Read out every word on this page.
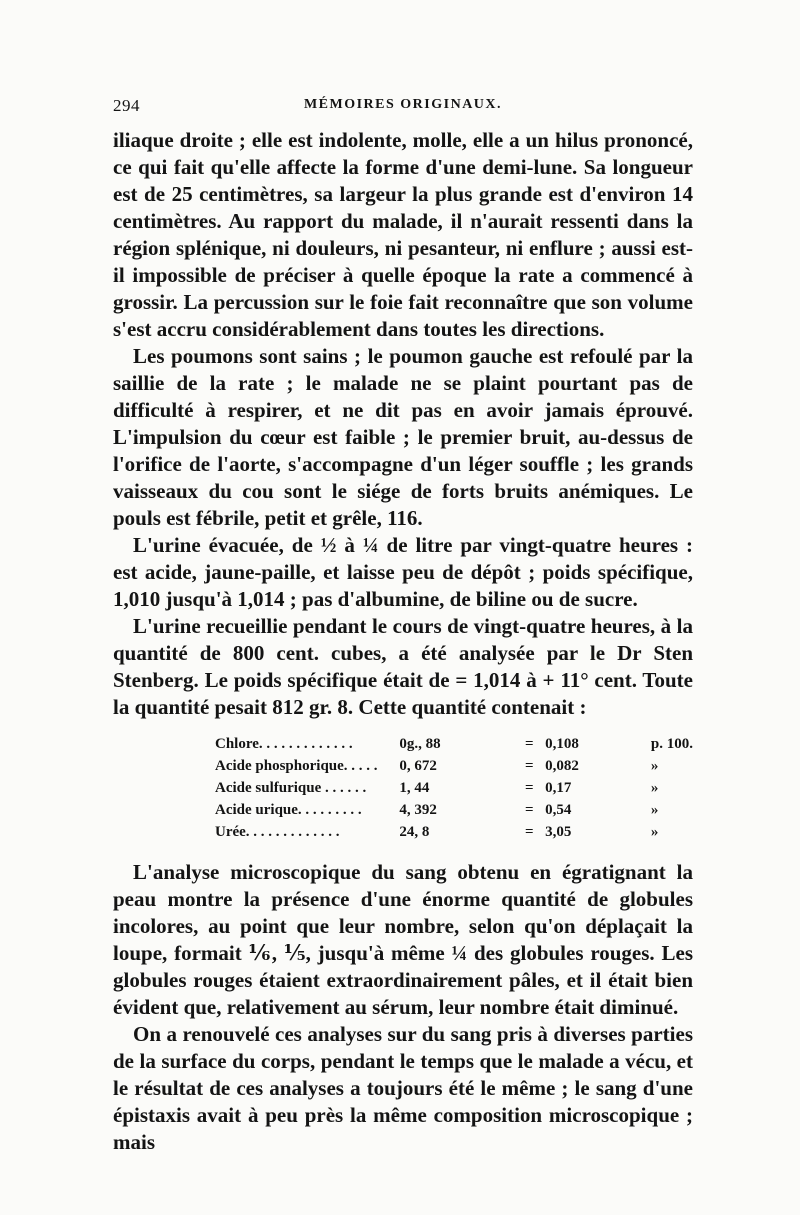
294	MÉMOIRES ORIGINAUX.

iliaque droite ; elle est indolente, molle, elle a un hilus prononcé, ce qui fait qu'elle affecte la forme d'une demi-lune. Sa longueur est de 25 centimètres, sa largeur la plus grande est d'environ 14 centimètres. Au rapport du malade, il n'aurait ressenti dans la région splénique, ni douleurs, ni pesanteur, ni enflure ; aussi est-il impossible de préciser à quelle époque la rate a commencé à grossir. La percussion sur le foie fait reconnaître que son volume s'est accru considérablement dans toutes les directions.

Les poumons sont sains ; le poumon gauche est refoulé par la saillie de la rate ; le malade ne se plaint pourtant pas de difficulté à respirer, et ne dit pas en avoir jamais éprouvé. L'impulsion du cœur est faible ; le premier bruit, au-dessus de l'orifice de l'aorte, s'accompagne d'un léger souffle ; les grands vaisseaux du cou sont le siége de forts bruits anémiques. Le pouls est fébrile, petit et grêle, 116.

L'urine évacuée, de ½ à ¼ de litre par vingt-quatre heures : est acide, jaune-paille, et laisse peu de dépôt ; poids spécifique, 1,010 jusqu'à 1,014 ; pas d'albumine, de biline ou de sucre.

L'urine recueillie pendant le cours de vingt-quatre heures, à la quantité de 800 cent. cubes, a été analysée par le Dr Sten Stenberg. Le poids spécifique était de = 1,014 à + 11° cent. Toute la quantité pesait 812 gr. 8. Cette quantité contenait :

Chlore. . . . . . . . . . . . .	0g., 88	=	0,108	p. 100.
Acide phosphorique. . . . .	0, 672	=	0,082	»
Acide sulfurique . . . . . .	1, 44	=	0,17	»
Acide urique. . . . . . . . .	4, 392	=	0,54	»
Urée. . . . . . . . . . . . .	24, 8	=	3,05	»

L'analyse microscopique du sang obtenu en égratignant la peau montre la présence d'une énorme quantité de globules incolores, au point que leur nombre, selon qu'on déplaçait la loupe, formait ⅙, ⅕, jusqu'à même ¼ des globules rouges. Les globules rouges étaient extraordinairement pâles, et il était bien évident que, relativement au sérum, leur nombre était diminué.

On a renouvelé ces analyses sur du sang pris à diverses parties de la surface du corps, pendant le temps que le malade a vécu, et le résultat de ces analyses a toujours été le même ; le sang d'une épistaxis avait à peu près la même composition microscopique ; mais
